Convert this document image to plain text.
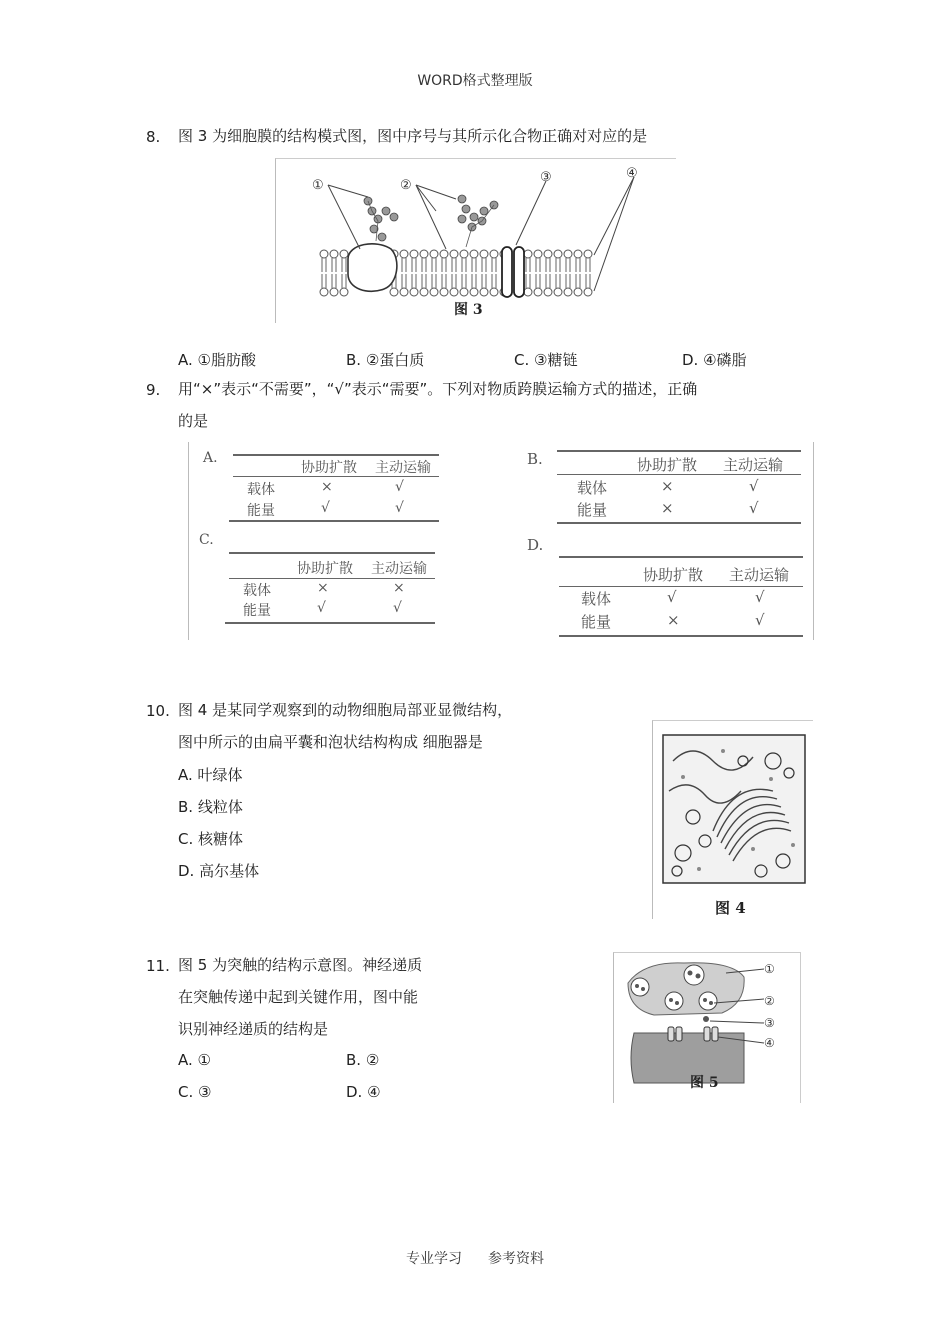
WORD格式整理版
8. 图 3 为细胞膜的结构模式图，图中序号与其所示化合物正确对对应的是
①	②
③	④
图 3
A. ①脂肪酸	B. ②蛋白质	C. ③糖链	D. ④磷脂
9. 用“×”表示“不需要”，“√”表示“需要”。下列对物质跨膜运输方式的描述，正确
的是
A.
协助扩散 主动运输
载体	×	√
能量	√	√
B.	协助扩散 主动运输
载体	×	√
能量	×	√
C.
协助扩散 主动运输
载体	×	×
能量	√	√
D.
协助扩散 主动运输
载体	√	√
能量	×	√
10. 图 4 是某同学观察到的动物细胞局部亚显微结构，
图中所示的由扁平囊和泡状结构构成 细胞器是
A. 叶绿体
B. 线粒体
C. 核糖体
D. 高尔基体
图 4
11. 图 5 为突触的结构示意图。神经递质
在突触传递中起到关键作用，图中能
识别神经递质的结构是
A. ①	B. ②
C. ③	D. ④
①
②
③
④
图 5
专业学习 参考资料
